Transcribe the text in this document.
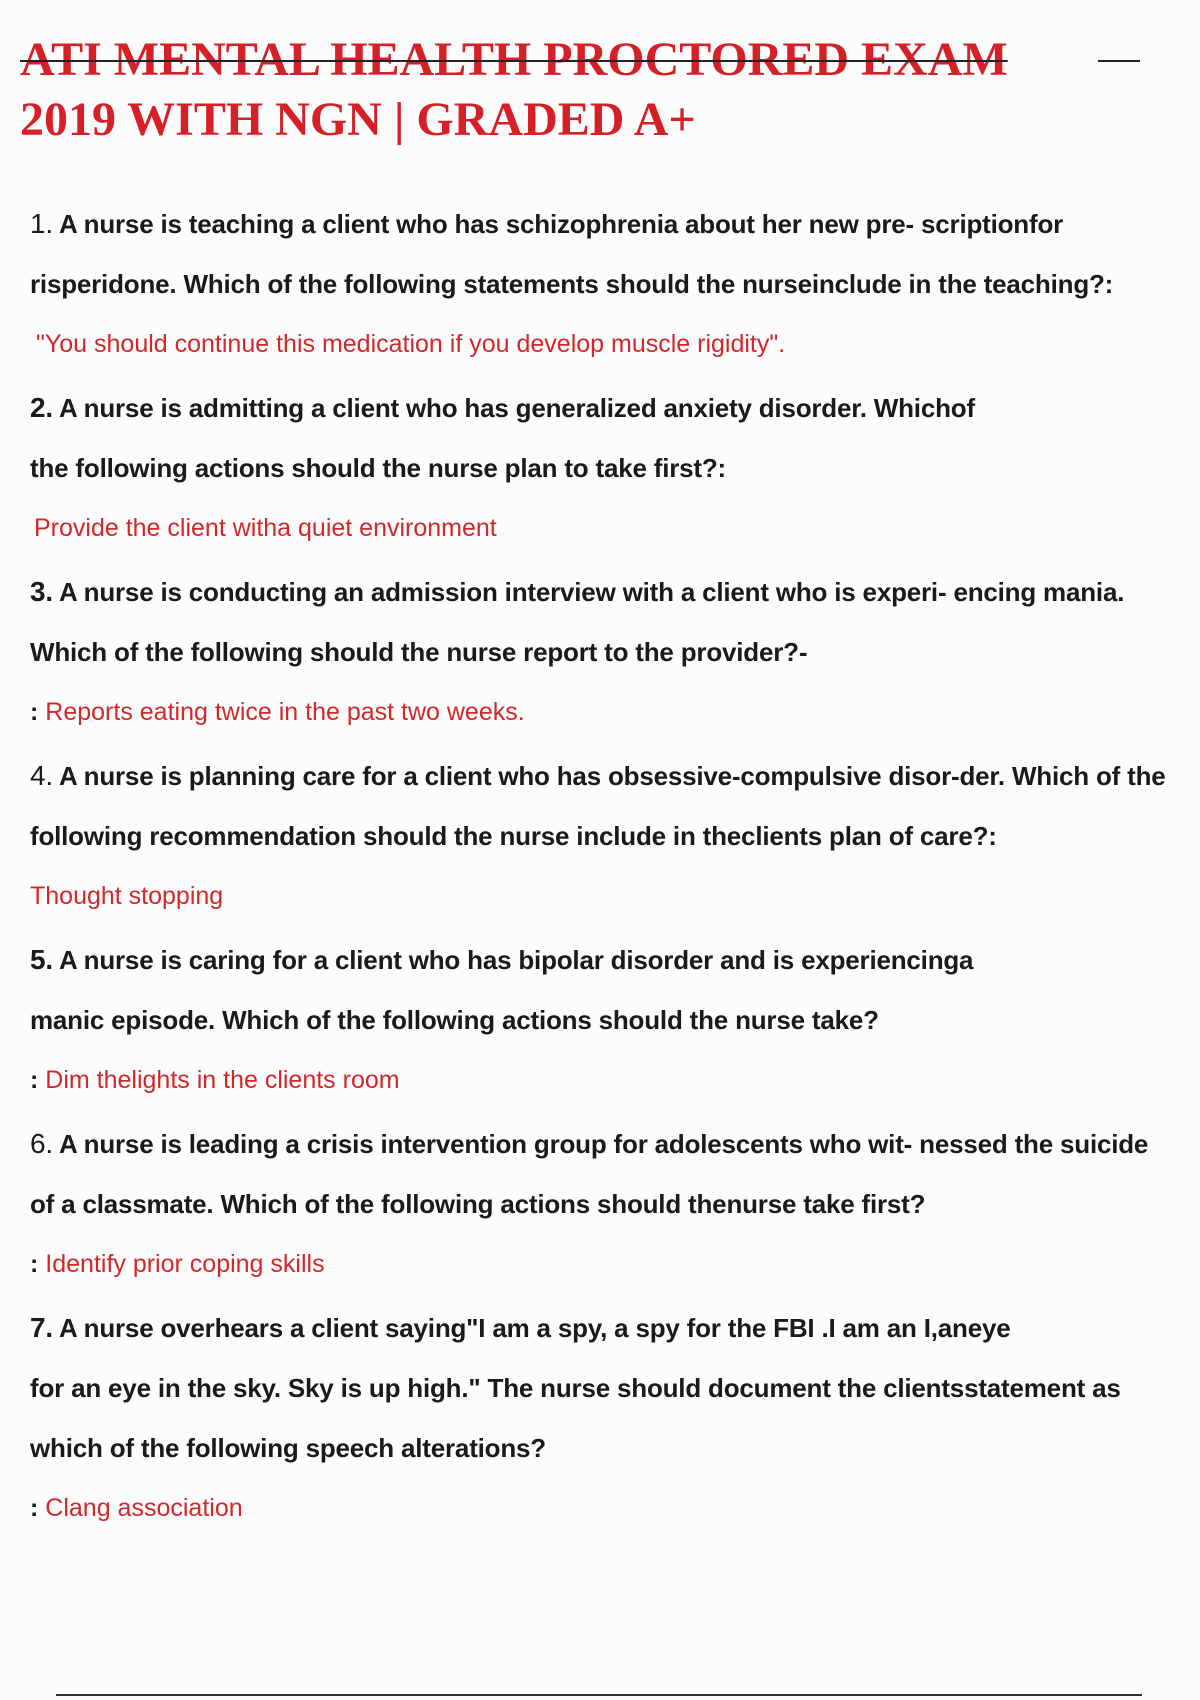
ATI MENTAL HEALTH PROCTORED EXAM
2019 WITH NGN | GRADED A+
1. A nurse is teaching a client who has schizophrenia about her new pre- scriptionfor
risperidone. Which of the following statements should the nurseinclude in the teaching?:
"You should continue this medication if you develop muscle rigidity".
2. A nurse is admitting a client who has generalized anxiety disorder. Whichof
the following actions should the nurse plan to take first?:
Provide the client witha quiet environment
3. A nurse is conducting an admission interview with a client who is experi- encing mania.
Which of the following should the nurse report to the provider?-
: Reports eating twice in the past two weeks.
4. A nurse is planning care for a client who has obsessive-compulsive disor-der. Which of the
following recommendation should the nurse include in theclients plan of care?:
Thought stopping
5. A nurse is caring for a client who has bipolar disorder and is experiencinga
manic episode. Which of the following actions should the nurse take?
: Dim thelights in the clients room
6. A nurse is leading a crisis intervention group for adolescents who wit- nessed the suicide
of a classmate. Which of the following actions should thenurse take first?
: Identify prior coping skills
7. A nurse overhears a client saying"I am a spy, a spy for the FBI .I am an I,aneye
for an eye in the sky. Sky is up high." The nurse should document the clientsstatement as
which of the following speech alterations?
: Clang association
